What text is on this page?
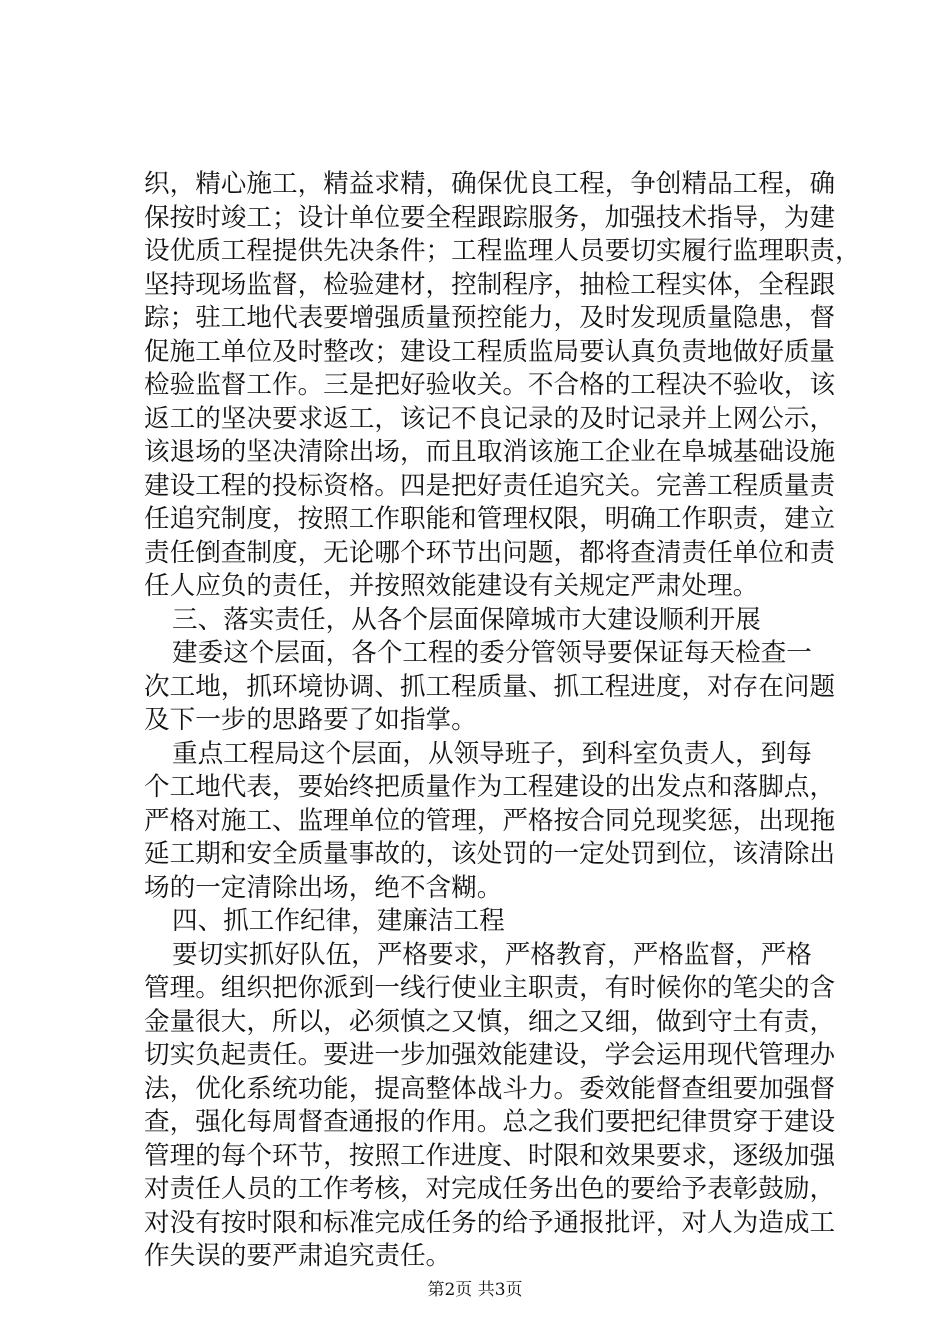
织，精心施工，精益求精，确保优良工程，争创精品工程，确
保按时竣工；设计单位要全程跟踪服务，加强技术指导，为建
设优质工程提供先决条件；工程监理人员要切实履行监理职责，
坚持现场监督，检验建材，控制程序，抽检工程实体，全程跟
踪；驻工地代表要增强质量预控能力，及时发现质量隐患，督
促施工单位及时整改；建设工程质监局要认真负责地做好质量
检验监督工作。三是把好验收关。不合格的工程决不验收，该
返工的坚决要求返工，该记不良记录的及时记录并上网公示，
该退场的坚决清除出场，而且取消该施工企业在阜城基础设施
建设工程的投标资格。四是把好责任追究关。完善工程质量责
任追究制度，按照工作职能和管理权限，明确工作职责，建立
责任倒查制度，无论哪个环节出问题，都将查清责任单位和责
任人应负的责任，并按照效能建设有关规定严肃处理。
三、落实责任，从各个层面保障城市大建设顺利开展
建委这个层面，各个工程的委分管领导要保证每天检查一
次工地，抓环境协调、抓工程质量、抓工程进度，对存在问题
及下一步的思路要了如指掌。
重点工程局这个层面，从领导班子，到科室负责人，到每
个工地代表，要始终把质量作为工程建设的出发点和落脚点，
严格对施工、监理单位的管理，严格按合同兑现奖惩，出现拖
延工期和安全质量事故的，该处罚的一定处罚到位，该清除出
场的一定清除出场，绝不含糊。
四、抓工作纪律，建廉洁工程
要切实抓好队伍，严格要求，严格教育，严格监督，严格
管理。组织把你派到一线行使业主职责，有时候你的笔尖的含
金量很大，所以，必须慎之又慎，细之又细，做到守土有责，
切实负起责任。要进一步加强效能建设，学会运用现代管理办
法，优化系统功能，提高整体战斗力。委效能督查组要加强督
查，强化每周督查通报的作用。总之我们要把纪律贯穿于建设
管理的每个环节，按照工作进度、时限和效果要求，逐级加强
对责任人员的工作考核，对完成任务出色的要给予表彰鼓励，
对没有按时限和标准完成任务的给予通报批评，对人为造成工
作失误的要严肃追究责任。
第2页 共3页
